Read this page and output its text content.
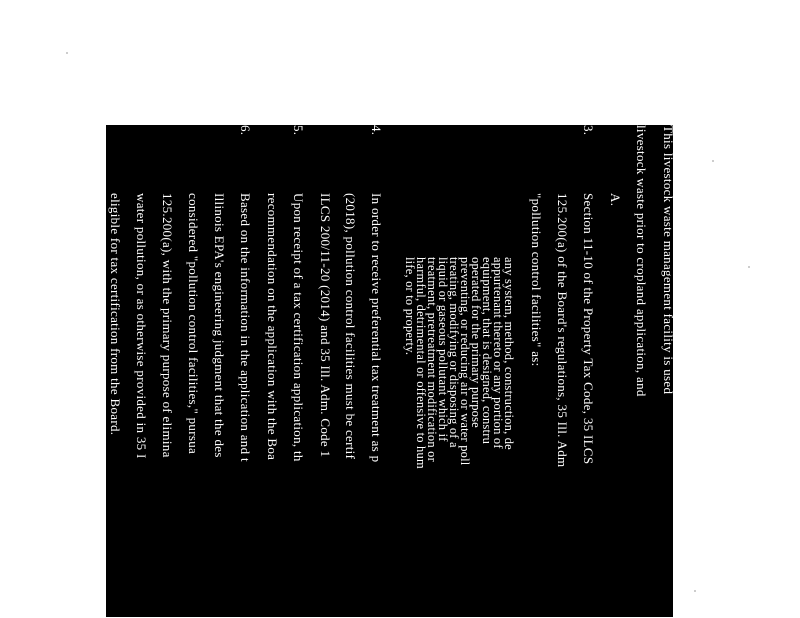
This livestock waste management facility is used
livestock waste prior to cropland application, and
3.
A.
Section 11-10 of the Property Tax Code, 35 ILCS
125.200(a) of the Board's regulations, 35 Ill. Adm
"pollution control facilities" as:
any system, method, construction, de
appurtenant thereto or any portion of
equipment, that is designed, constru
operated for the primary purpose
preventing, or reducing air or water poll
treating, modifying or disposing of a
liquid or gaseous pollutant which if
treatment, pretreatment modification or
harmful, detrimental or offensive to hum
life, or to property.
4.
In order to receive preferential tax treatment as p
(2018), pollution control facilities must be certif
ILCS 200/11-20 (2014) and 35 Ill. Adm. Code 1
5.
Upon receipt of a tax certification application, th
recommendation on the application with the Boa
6.
Based on the information in the application and t
Illinois EPA's engineering judgment that the des
considered "pollution control facilities," pursua
125.200(a), with the primary purpose of elimina
water pollution, or as otherwise provided in 35 I
eligible for tax certification from the Board.
